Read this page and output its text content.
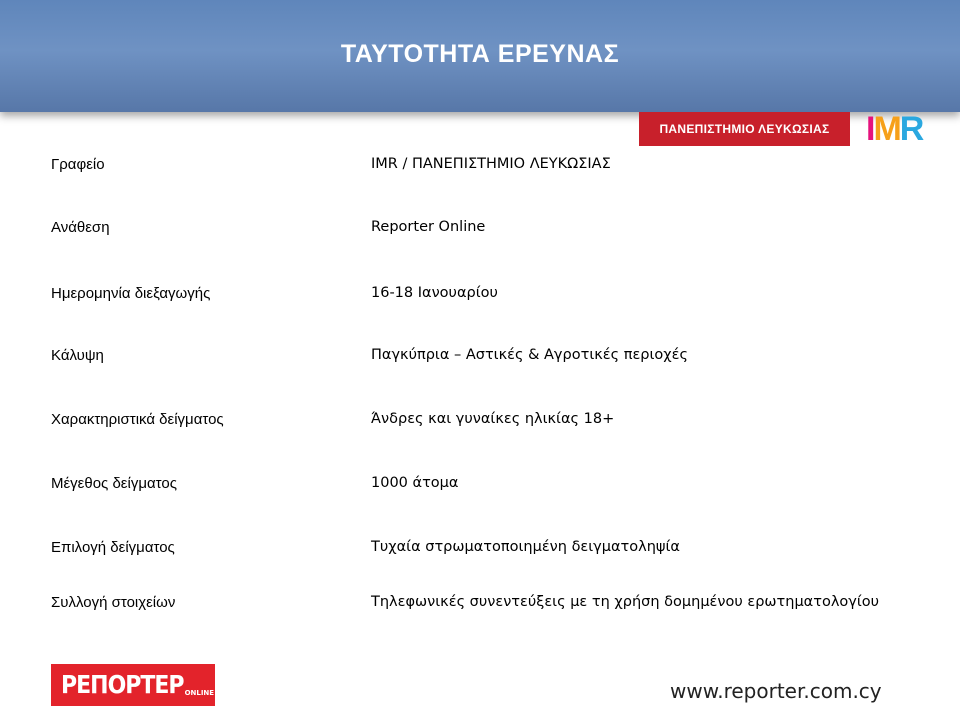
ΤΑΥΤΟΤΗΤΑ ΕΡΕΥΝΑΣ
ΠΑΝΕΠΙΣΤΗΜΙΟ ΛΕΥΚΩΣΙΑΣ IMR
Γραφείο	IMR / ΠΑΝΕΠΙΣΤΗΜΙΟ ΛΕΥΚΩΣΙΑΣ
Ανάθεση	Reporter Online
Ημερομηνία διεξαγωγής	16-18 Ιανουαρίου
Κάλυψη	Παγκύπρια – Αστικές & Αγροτικές περιοχές
Χαρακτηριστικά δείγματος	Άνδρες και γυναίκες ηλικίας 18+
Μέγεθος δείγματος	1000 άτομα
Επιλογή δείγματος	Τυχαία στρωματοποιημένη δειγματοληψία
Συλλογή στοιχείων	Τηλεφωνικές συνεντεύξεις με τη χρήση δομημένου ερωτηματολογίου
ΡΕΠΟΡΤΕΡ ONLINE	www.reporter.com.cy
